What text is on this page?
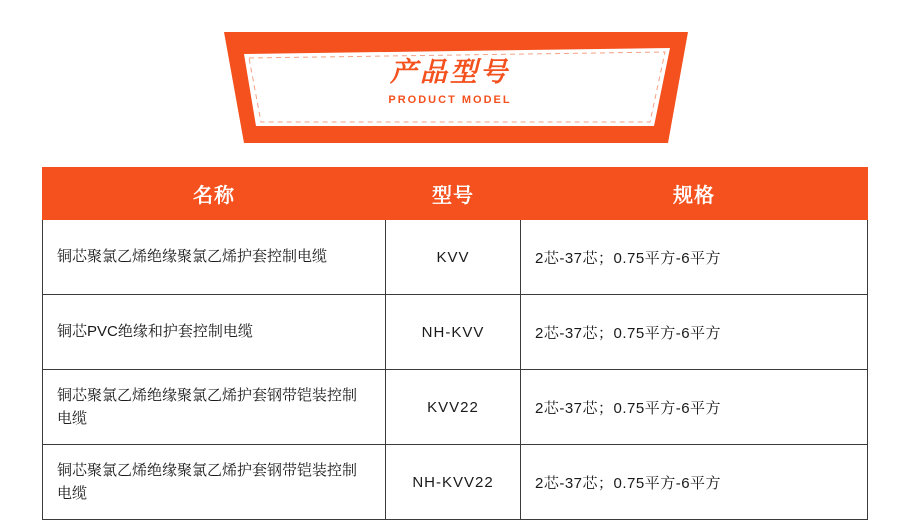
产品型号
PRODUCT MODEL
名称	型号	规格
铜芯聚氯乙烯绝缘聚氯乙烯护套控制电缆	KVV	2芯-37芯；0.75平方-6平方
铜芯PVC绝缘和护套控制电缆	NH-KVV	2芯-37芯；0.75平方-6平方
铜芯聚氯乙烯绝缘聚氯乙烯护套钢带铠装控制电缆	KVV22	2芯-37芯；0.75平方-6平方
铜芯聚氯乙烯绝缘聚氯乙烯护套钢带铠装控制电缆	NH-KVV22	2芯-37芯；0.75平方-6平方
